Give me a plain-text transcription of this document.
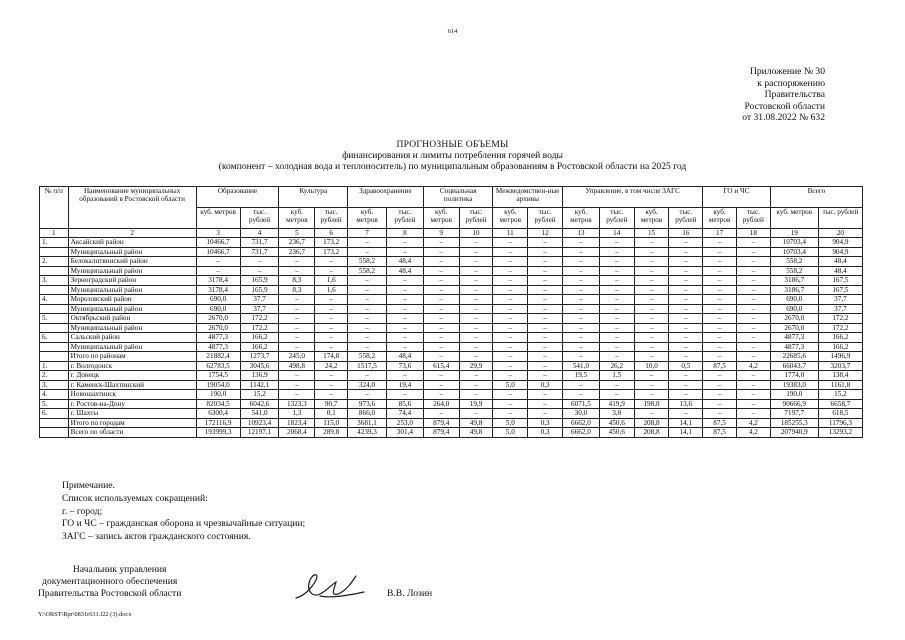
614
Приложение № 30
к распоряжению
Правительства
Ростовской области
от 31.08.2022 № 632
ПРОГНОЗНЫЕ ОБЪЕМЫ
финансирования и лимиты потребления горячей воды
(компонент – холодная вода и теплоноситель) по муниципальным образованиям в Ростовской области на 2025 год
№ п/п	Наименование муниципальных образований в Ростовской области	Образование		Культура		Здравоохранение		Социальная политика		Межведомствен-ные архивы		Управление, в том числе ЗАГС				ГО и ЧС		Всего	
		куб. метров	тыс. рублей	куб. метров	тыс. рублей	куб. метров	тыс. рублей	куб. метров	тыс. рублей	куб. метров	тыс. рублей	куб. метров	тыс. рублей	куб. метров	тыс. рублей	куб. метров	тыс. рублей	куб. метров	тыс. рублей
1	2	3	4	5	6	7	8	9	10	11	12	13	14	15	16	17	18	19	20
1.	Аксайский район	10466,7	731,7	236,7	173,2	–	–	–	–	–	–	–	–	–	–	–	–	10703,4	904,9
	Муниципальный район	10466,7	731,7	236,7	173,2	–	–	–	–	–	–	–	–	–	–	–	–	10703,4	904,9
2.	Белокалитвинский район	–	–	–	–	558,2	48,4	–	–	–	–	–	–	–	–	–	–	558,2	48,4
	Муниципальный район	–	–	–	–	558,2	48,4	–	–	–	–	–	–	–	–	–	–	558,2	48,4
3.	Зерноградский район	3178,4	165,9	8,3	1,6	–	–	–	–	–	–	–	–	–	–	–	–	3186,7	167,5
	Муниципальный район	3178,4	165,9	8,3	1,6	–	–	–	–	–	–	–	–	–	–	–	–	3186,7	167,5
4.	Морозовский район	690,0	37,7	–	–	–	–	–	–	–	–	–	–	–	–	–	–	690,0	37,7
	Муниципальный район	690,0	37,7	–	–	–	–	–	–	–	–	–	–	–	–	–	–	690,0	37,7
5.	Октябрьский район	2670,0	172,2	–	–	–	–	–	–	–	–	–	–	–	–	–	–	2670,0	172,2
	Муниципальный район	2670,0	172,2	–	–	–	–	–	–	–	–	–	–	–	–	–	–	2670,0	172,2
6.	Сальский район	4877,3	166,2	–	–	–	–	–	–	–	–	–	–	–	–	–	–	4877,3	166,2
	Муниципальный район	4877,3	166,2	–	–	–	–	–	–	–	–	–	–	–	–	–	–	4877,3	166,2
	Итого по районам	21882,4	1273,7	245,0	174,8	558,2	48,4	–	–	–	–	–	–	–	–	–	–	22685,6	1496,9
1.	г. Волгодонск	62783,5	3045,6	498,8	24,2	1517,5	73,6	615,4	29,9	–	–	541,0	26,2	10,0	0,5	87,5	4,2	66043,7	3203,7
2.	г. Донецк	1754,5	136,9	–	–	–	–	–	–	–	–	19,5	1,5	–	–	–	–	1774,0	138,4
3.	г. Каменск-Шахтинский	19054,0	1142,1	–	–	324,0	19,4	–	–	5,0	0,3	–	–	–	–	–	–	19383,0	1161,8
4.	Новошахтинск	190,0	15,2	–	–	–	–	–	–	–	–	–	–	–	–	–	–	190,0	15,2
5.	г. Ростов-на-Дону	82034,5	6042,6	1323,3	90,7	973,6	85,6	264,0	19,9	–	–	6071,5	419,9	198,8	13,6	–	–	90666,9	6658,7
6.	г. Шахты	6300,4	541,0	1,3	0,1	866,0	74,4	–	–	–	–	30,0	3,0	–	–	–	–	7197,7	618,5
	Итого по городам	172116,9	10923,4	1823,4	115,0	3681,1	253,0	879,4	49,8	5,0	0,3	6662,0	450,6	208,8	14,1	87,5	4,2	185255,3	11796,3
	Всего по области	193999,3	12197,1	2068,4	289,8	4239,3	301,4	879,4	49,8	5,0	0,3	6662,0	450,6	208,8	14,1	87,5	4,2	207940,9	13293,2
Примечание.
Список используемых сокращений:
г. – город;
ГО и ЧС – гражданская оборона и чрезвычайные ситуации;
ЗАГС – запись актов гражданского состояния.
Начальник управления
документационного обеспечения
Правительства Ростовской области	В.В. Лозин
Y:\ORST\Rpr\0831r631.f22 (3).docx
